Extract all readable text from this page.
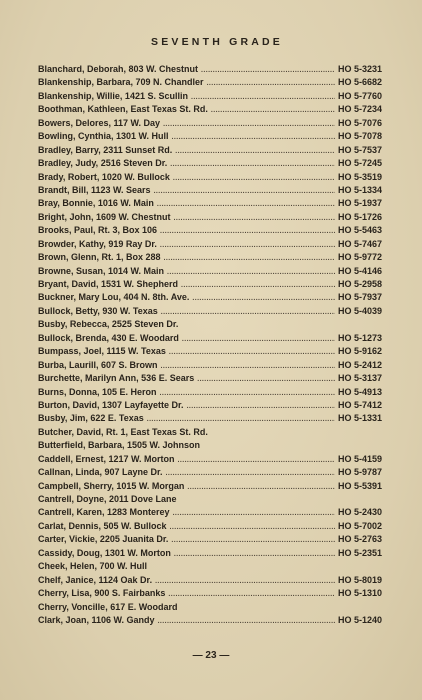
SEVENTH GRADE
Blanchard, Deborah, 803 W. Chestnut .....	HO 5-3231
Blankenship, Barbara, 709 N. Chandler .....	HO 5-6682
Blankenship, Willie, 1421 S. Scullin .....	HO 5-7760
Boothman, Kathleen, East Texas St. Rd. .....	HO 5-7234
Bowers, Delores, 117 W. Day .....	HO 5-7076
Bowling, Cynthia, 1301 W. Hull .....	HO 5-7078
Bradley, Barry, 2311 Sunset Rd. .....	HO 5-7537
Bradley, Judy, 2516 Steven Dr. .....	HO 5-7245
Brady, Robert, 1020 W. Bullock .....	HO 5-3519
Brandt, Bill, 1123 W. Sears .....	HO 5-1334
Bray, Bonnie, 1016 W. Main .....	HO 5-1937
Bright, John, 1609 W. Chestnut .....	HO 5-1726
Brooks, Paul, Rt. 3, Box 106 .....	HO 5-5463
Browder, Kathy, 919 Ray Dr. .....	HO 5-7467
Brown, Glenn, Rt. 1, Box 288 .....	HO 5-9772
Browne, Susan, 1014 W. Main .....	HO 5-4146
Bryant, David, 1531 W. Shepherd .....	HO 5-2958
Buckner, Mary Lou, 404 N. 8th. Ave. .....	HO 5-7937
Bullock, Betty, 930 W. Texas .....	HO 5-4039
Busby, Rebecca, 2525 Steven Dr.
Bullock, Brenda, 430 E. Woodard .....	HO 5-1273
Bumpass, Joel, 1115 W. Texas .....	HO 5-9162
Burba, Laurill, 607 S. Brown .....	HO 5-2412
Burchette, Marilyn Ann, 536 E. Sears .....	HO 5-3137
Burns, Donna, 105 E. Heron .....	HO 5-4913
Burton, David, 1307 Layfayette Dr. .....	HO 5-7412
Busby, Jim, 622 E. Texas .....	HO 5-1331
Butcher, David, Rt. 1, East Texas St. Rd.
Butterfield, Barbara, 1505 W. Johnson
Caddell, Ernest, 1217 W. Morton .....	HO 5-4159
Callnan, Linda, 907 Layne Dr. .....	HO 5-9787
Campbell, Sherry, 1015 W. Morgan .....	HO 5-5391
Cantrell, Doyne, 2011 Dove Lane
Cantrell, Karen, 1283 Monterey .....	HO 5-2430
Carlat, Dennis, 505 W. Bullock .....	HO 5-7002
Carter, Vickie, 2205 Juanita Dr. .....	HO 5-2763
Cassidy, Doug, 1301 W. Morton .....	HO 5-2351
Cheek, Helen, 700 W. Hull
Chelf, Janice, 1124 Oak Dr. .....	HO 5-8019
Cherry, Lisa, 900 S. Fairbanks .....	HO 5-1310
Cherry, Voncille, 617 E. Woodard
Clark, Joan, 1106 W. Gandy .....	HO 5-1240
— 23 —
